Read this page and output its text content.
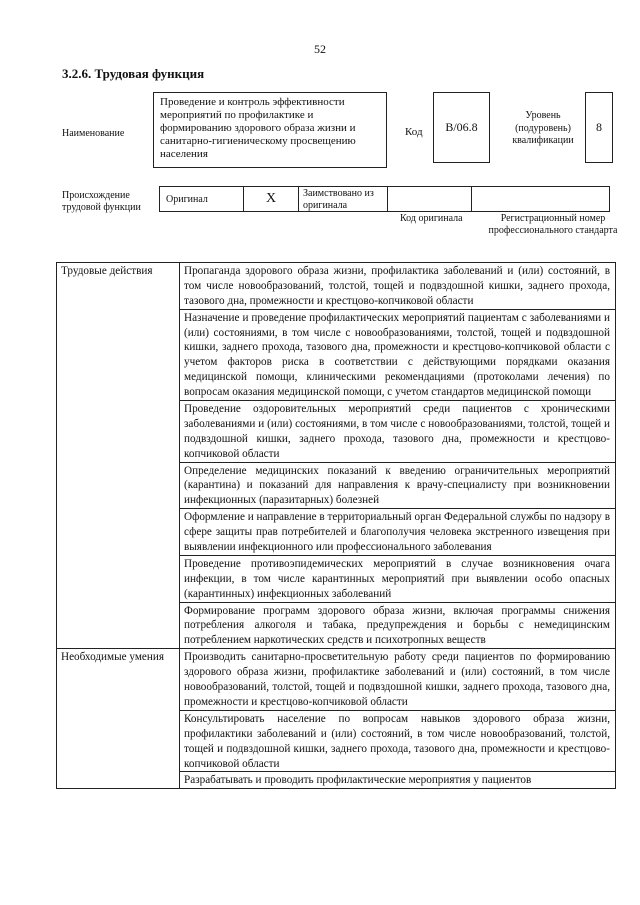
52
3.2.6. Трудовая функция
Наименование
Проведение и контроль эффективности мероприятий по профилактике и формированию здорового образа жизни и санитарно-гигиеническому просвещению населения
Код	B/06.8
Уровень (подуровень) квалификации
8
Происхождение трудовой функции
Оригинал	X	Заимствовано из оригинала
Код оригинала	Регистрационный номер профессионального стандарта
Трудовые действия	Пропаганда здорового образа жизни, профилактика заболеваний и (или) состояний, в том числе новообразований, толстой, тощей и подвздошной кишки, заднего прохода, тазового дна, промежности и крестцово-копчиковой области
	Назначение и проведение профилактических мероприятий пациентам с заболеваниями и (или) состояниями, в том числе с новообразованиями, толстой, тощей и подвздошной кишки, заднего прохода, тазового дна, промежности и крестцово-копчиковой области с учетом факторов риска в соответствии с действующими порядками оказания медицинской помощи, клиническими рекомендациями (протоколами лечения) по вопросам оказания медицинской помощи, с учетом стандартов медицинской помощи
	Проведение оздоровительных мероприятий среди пациентов с хроническими заболеваниями и (или) состояниями, в том числе с новообразованиями, толстой, тощей и подвздошной кишки, заднего прохода, тазового дна, промежности и крестцово-копчиковой области
	Определение медицинских показаний к введению ограничительных мероприятий (карантина) и показаний для направления к врачу-специалисту при возникновении инфекционных (паразитарных) болезней
	Оформление и направление в территориальный орган Федеральной службы по надзору в сфере защиты прав потребителей и благополучия человека экстренного извещения при выявлении инфекционного или профессионального заболевания
	Проведение противоэпидемических мероприятий в случае возникновения очага инфекции, в том числе карантинных мероприятий при выявлении особо опасных (карантинных) инфекционных заболеваний
	Формирование программ здорового образа жизни, включая программы снижения потребления алкоголя и табака, предупреждения и борьбы с немедицинским потреблением наркотических средств и психотропных веществ
Необходимые умения	Производить санитарно-просветительную работу среди пациентов по формированию здорового образа жизни, профилактике заболеваний и (или) состояний, в том числе новообразований, толстой, тощей и подвздошной кишки, заднего прохода, тазового дна, промежности и крестцово-копчиковой области
	Консультировать население по вопросам навыков здорового образа жизни, профилактики заболеваний и (или) состояний, в том числе новообразований, толстой, тощей и подвздошной кишки, заднего прохода, тазового дна, промежности и крестцово-копчиковой области
	Разрабатывать и проводить профилактические мероприятия у пациентов
